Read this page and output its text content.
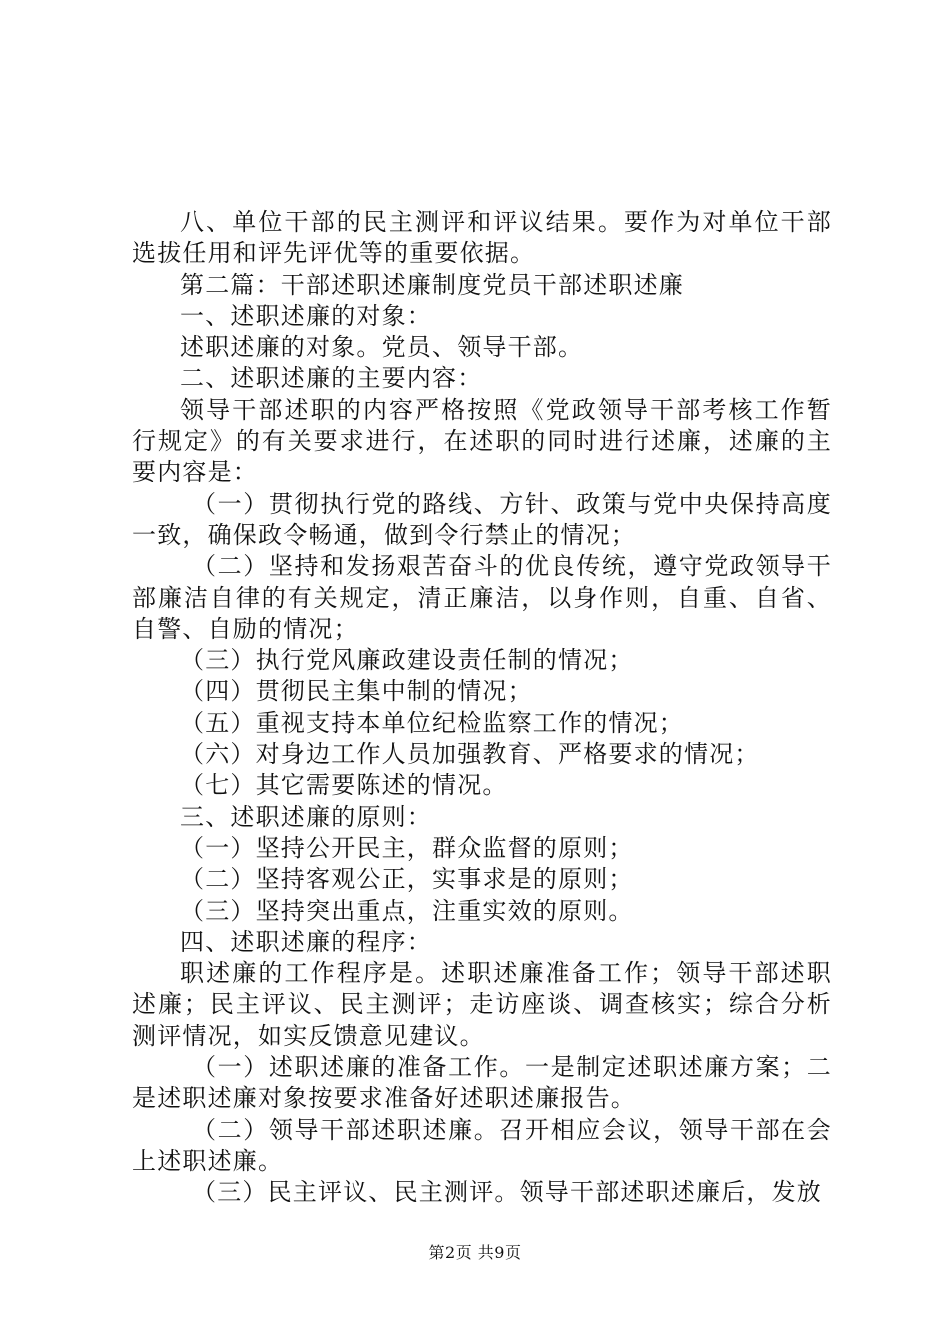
八、单位干部的民主测评和评议结果。要作为对单位干部选拔任用和评先评优等的重要依据。

第二篇：干部述职述廉制度党员干部述职述廉

一、述职述廉的对象：

述职述廉的对象。党员、领导干部。

二、述职述廉的主要内容：

领导干部述职的内容严格按照《党政领导干部考核工作暂行规定》的有关要求进行，在述职的同时进行述廉，述廉的主要内容是：

（一）贯彻执行党的路线、方针、政策与党中央保持高度一致，确保政令畅通，做到令行禁止的情况；

（二）坚持和发扬艰苦奋斗的优良传统，遵守党政领导干部廉洁自律的有关规定，清正廉洁，以身作则，自重、自省、自警、自励的情况；

（三）执行党风廉政建设责任制的情况；

（四）贯彻民主集中制的情况；

（五）重视支持本单位纪检监察工作的情况；

（六）对身边工作人员加强教育、严格要求的情况；

（七）其它需要陈述的情况。

三、述职述廉的原则：

（一）坚持公开民主，群众监督的原则；

（二）坚持客观公正，实事求是的原则；

（三）坚持突出重点，注重实效的原则。

四、述职述廉的程序：

职述廉的工作程序是。述职述廉准备工作；领导干部述职述廉；民主评议、民主测评；走访座谈、调查核实；综合分析测评情况，如实反馈意见建议。

（一）述职述廉的准备工作。一是制定述职述廉方案；二是述职述廉对象按要求准备好述职述廉报告。

（二）领导干部述职述廉。召开相应会议，领导干部在会上述职述廉。

（三）民主评议、民主测评。领导干部述职述廉后，发放

第2页 共9页
